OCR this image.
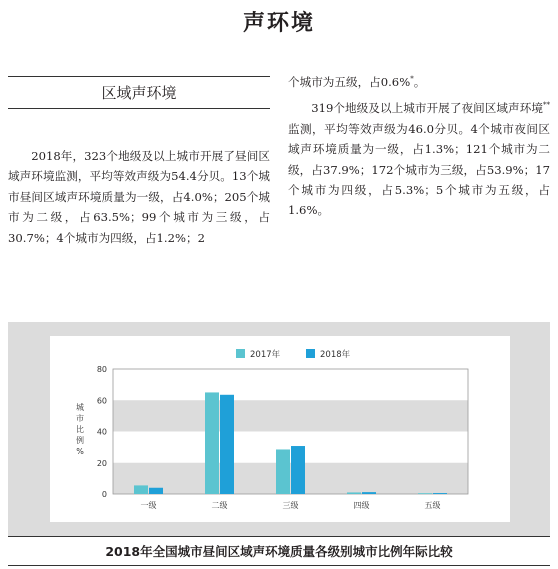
声环境
区域声环境

2018年，323个地级及以上城市开展了昼间区域声环境监测，平均等效声级为54.4分贝。13个城市昼间区域声环境质量为一级，占4.0%；205个城市为二级，占63.5%；99个城市为三级，占30.7%；4个城市为四级，占1.2%；2

个城市为五级，占0.6%*。

319个地级及以上城市开展了夜间区域声环境**监测，平均等效声级为46.0分贝。4个城市夜间区域声环境质量为一级，占1.3%；121个城市为二级，占37.9%；172个城市为三级，占53.9%；17个城市为四级，占5.3%；5个城市为五级，占1.6%。

0
20
40
60
80
城
市
比
例
%
一级	二级	三级	四级	五级
2017年	2018年
2018年全国城市昼间区域声环境质量各级别城市比例年际比较
